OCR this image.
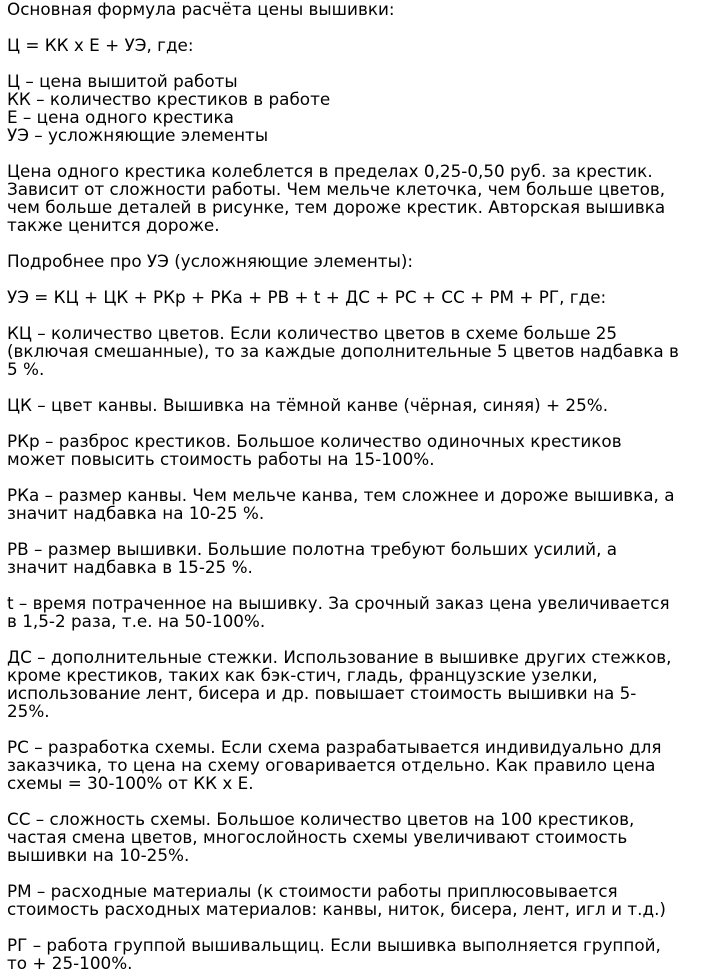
Основная формула расчёта цены вышивки:

Ц = КК х Е + УЭ, где:

Ц – цена вышитой работы
КК – количество крестиков в работе
Е – цена одного крестика
УЭ – усложняющие элементы

Цена одного крестика колеблется в пределах 0,25-0,50 руб. за крестик.
Зависит от сложности работы. Чем мельче клеточка, чем больше цветов,
чем больше деталей в рисунке, тем дороже крестик. Авторская вышивка
также ценится дороже.

Подробнее про УЭ (усложняющие элементы):

УЭ = КЦ + ЦК + РКр + РКа + РВ + t + ДС + РС + СС + РМ + РГ, где:

КЦ – количество цветов. Если количество цветов в схеме больше 25
(включая смешанные), то за каждые дополнительные 5 цветов надбавка в
5 %.

ЦК – цвет канвы. Вышивка на тёмной канве (чёрная, синяя) + 25%.

РКр – разброс крестиков. Большое количество одиночных крестиков
может повысить стоимость работы на 15-100%.

РКа – размер канвы. Чем мельче канва, тем сложнее и дороже вышивка, а
значит надбавка на 10-25 %.

РВ – размер вышивки. Большие полотна требуют больших усилий, а
значит надбавка в 15-25 %.

t – время потраченное на вышивку. За срочный заказ цена увеличивается
в 1,5-2 раза, т.е. на 50-100%.

ДС – дополнительные стежки. Использование в вышивке других стежков,
кроме крестиков, таких как бэк-стич, гладь, французские узелки,
использование лент, бисера и др. повышает стоимость вышивки на 5-
25%.

РС – разработка схемы. Если схема разрабатывается индивидуально для
заказчика, то цена на схему оговаривается отдельно. Как правило цена
схемы = 30-100% от КК х Е.

СС – сложность схемы. Большое количество цветов на 100 крестиков,
частая смена цветов, многослойность схемы увеличивают стоимость
вышивки на 10-25%.

РМ – расходные материалы (к стоимости работы приплюсовывается
стоимость расходных материалов: канвы, ниток, бисера, лент, игл и т.д.)

РГ – работа группой вышивальщиц. Если вышивка выполняется группой,
то + 25-100%.
